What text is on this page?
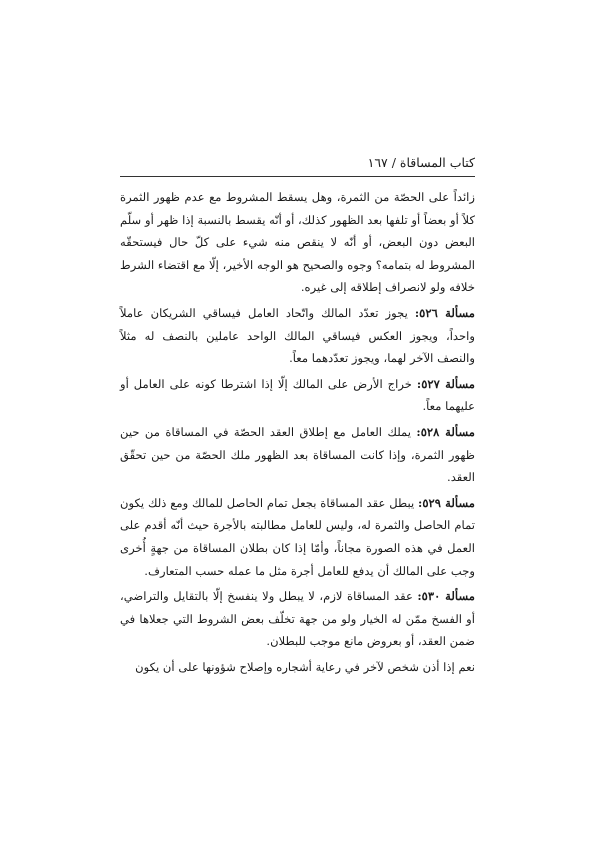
كتاب المساقاة / ١٦٧

زائداً على الحصّة من الثمرة، وهل يسقط المشروط مع عدم ظهور الثمرة كلاً أو بعضاً أو تلفها بعد الظهور كذلك، أو أنّه يقسط بالنسبة إذا ظهر أو سلّم البعض دون البعض، أو أنّه لا ينقص منه شيء على كلّ حال فيستحقّه المشروط له بتمامه؟ وجوه والصحيح هو الوجه الأخير، إلّا مع اقتضاء الشرط خلافه ولو لانصراف إطلاقه إلى غيره.

مسألة ٥٢٦: يجوز تعدّد المالك واتّحاد العامل فيساقي الشريكان عاملاً واحداً، ويجوز العكس فيساقي المالك الواحد عاملين بالنصف له مثلاً والنصف الآخر لهما، ويجوز تعدّدهما معاً.

مسألة ٥٢٧: خراج الأرض على المالك إلّا إذا اشترطا كونه على العامل أو عليهما معاً.

مسألة ٥٢٨: يملك العامل مع إطلاق العقد الحصّة في المساقاة من حين ظهور الثمرة، وإذا كانت المساقاة بعد الظهور ملك الحصّة من حين تحقّق العقد.

مسألة ٥٢٩: يبطل عقد المساقاة بجعل تمام الحاصل للمالك ومع ذلك يكون تمام الحاصل والثمرة له، وليس للعامل مطالبته بالأجرة حيث أنّه أقدم على العمل في هذه الصورة مجاناً، وأمّا إذا كان بطلان المساقاة من جهةٍ أُخرى وجب على المالك أن يدفع للعامل أجرة مثل ما عمله حسب المتعارف.

مسألة ٥٣٠: عقد المساقاة لازم، لا يبطل ولا ينفسخ إلّا بالتقايل والتراضي، أو الفسخ ممّن له الخيار ولو من جهة تخلّف بعض الشروط التي جعلاها في ضمن العقد، أو بعروض مانع موجب للبطلان.

نعم إذا أذن شخص لآخر في رعاية أشجاره وإصلاح شؤونها على أن يكون
